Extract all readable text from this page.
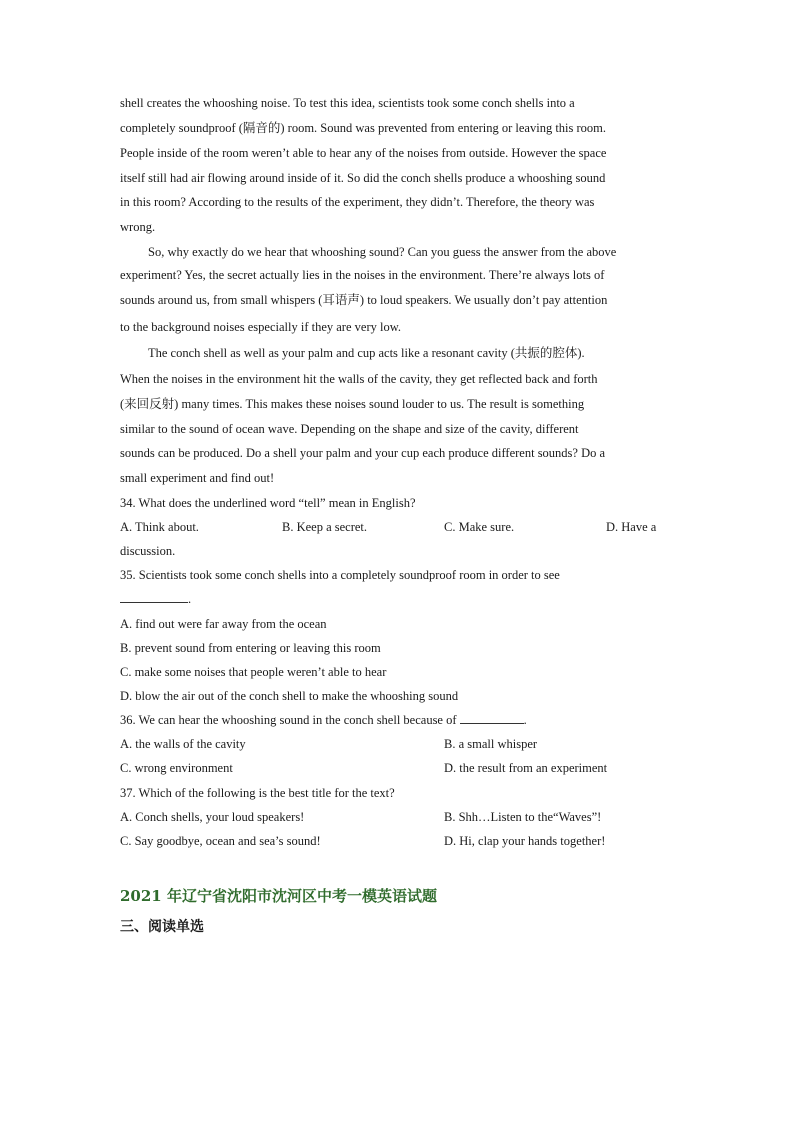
shell creates the whooshing noise. To test this idea, scientists took some conch shells into a
completely soundproof (隔音的) room. Sound was prevented from entering or leaving this room.
People inside of the room weren’t able to hear any of the noises from outside. However the space
itself still had air flowing around inside of it. So did the conch shells produce a whooshing sound
in this room? According to the results of the experiment, they didn’t. Therefore, the theory was
wrong.
So, why exactly do we hear that whooshing sound? Can you guess the answer from the above
experiment? Yes, the secret actually lies in the noises in the environment. There’re always lots of
sounds around us, from small whispers (耳语声) to loud speakers. We usually don’t pay attention
to the background noises especially if they are very low.
The conch shell as well as your palm and cup acts like a resonant cavity (共振的腔体).
When the noises in the environment hit the walls of the cavity, they get reflected back and forth
(来回反射) many times. This makes these noises sound louder to us. The result is something
similar to the sound of ocean wave. Depending on the shape and size of the cavity, different
sounds can be produced. Do a shell your palm and your cup each produce different sounds? Do a
small experiment and find out!
34. What does the underlined word “tell” mean in English?
A. Think about.	B. Keep a secret.	C. Make sure.	D. Have a
discussion.
35. Scientists took some conch shells into a completely soundproof room in order to see
.
A. find out were far away from the ocean
B. prevent sound from entering or leaving this room
C. make some noises that people weren’t able to hear
D. blow the air out of the conch shell to make the whooshing sound
36. We can hear the whooshing sound in the conch shell because of	.
A. the walls of the cavity	B. a small whisper
C. wrong environment	D. the result from an experiment
37. Which of the following is the best title for the text?
A. Conch shells, your loud speakers!	B. Shh…Listen to the“Waves”!
C. Say goodbye, ocean and sea’s sound!	D. Hi, clap your hands together!
2021 年辽宁省沈阳市沈河区中考一模英语试题
三、阅读单选
